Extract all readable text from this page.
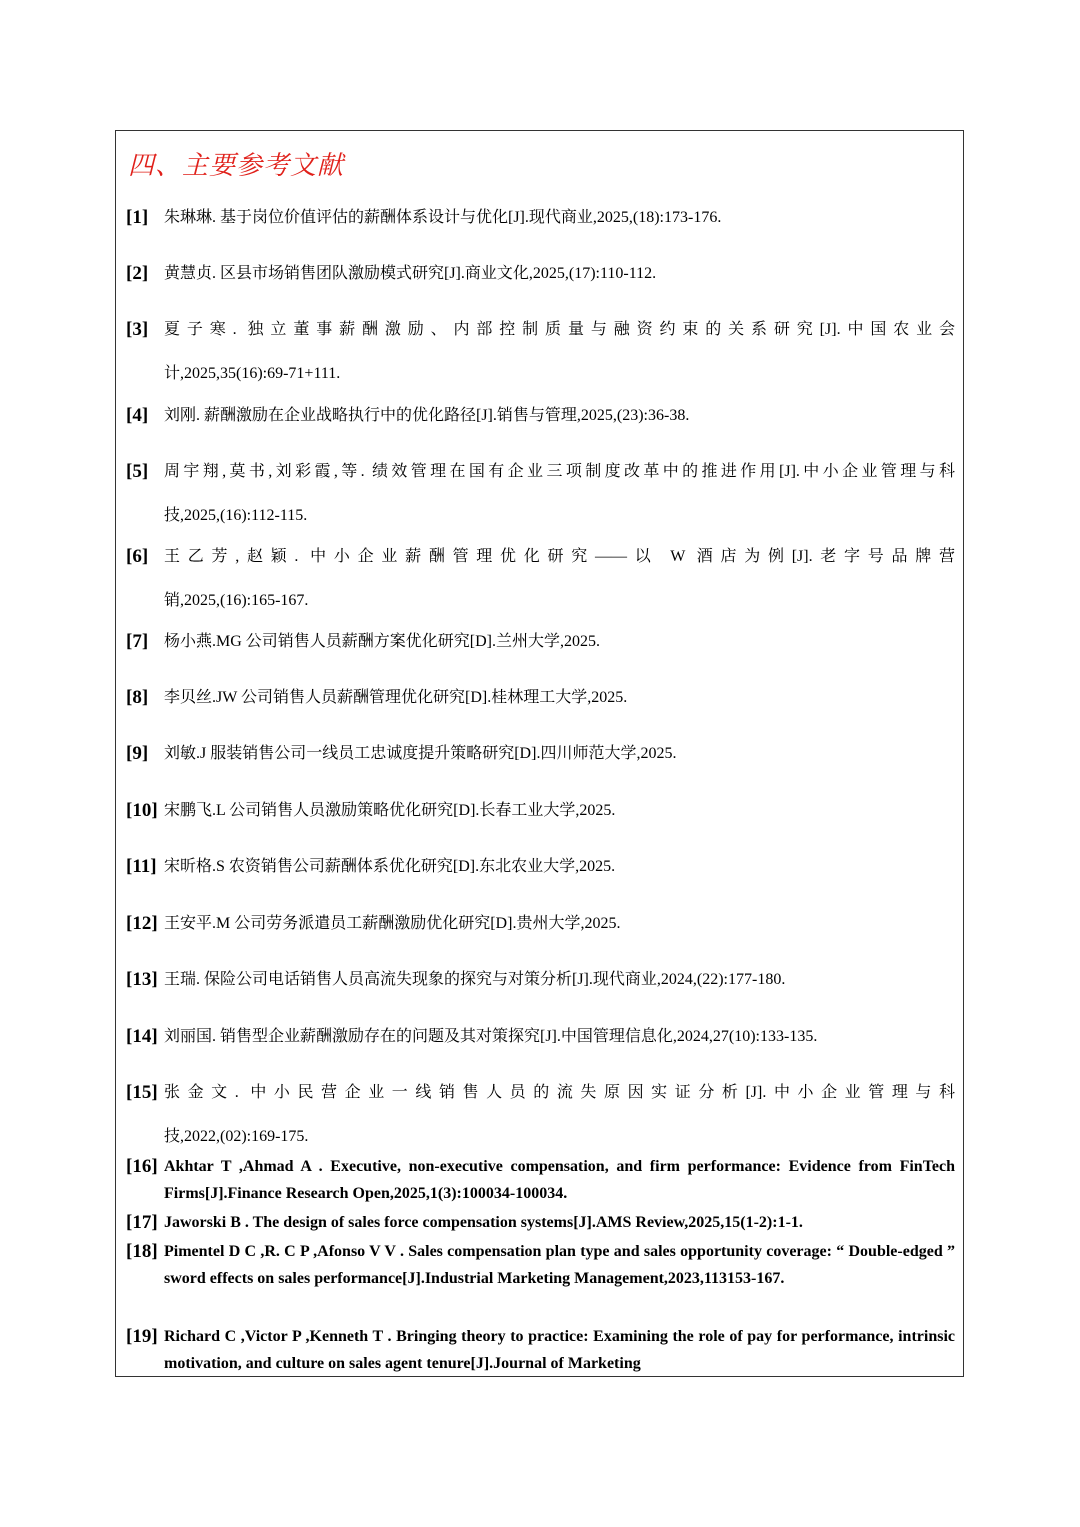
四、主要参考文献
[1] 朱琳琳. 基于岗位价值评估的薪酬体系设计与优化[J].现代商业,2025,(18):173-176.
[2] 黄慧贞. 区县市场销售团队激励模式研究[J].商业文化,2025,(17):110-112.
[3] 夏子寒. 独立董事薪酬激励、内部控制质量与融资约束的关系研究[J].中国农业会
计,2025,35(16):69-71+111.
[4] 刘刚. 薪酬激励在企业战略执行中的优化路径[J].销售与管理,2025,(23):36-38.
[5] 周宇翔,莫书,刘彩霞,等. 绩效管理在国有企业三项制度改革中的推进作用[J].中小企业管理与科
技,2025,(16):112-115.
[6] 王乙芳,赵颖. 中小企业薪酬管理优化研究——以 W 酒店为例[J].老字号品牌营
销,2025,(16):165-167.
[7] 杨小燕.MG 公司销售人员薪酬方案优化研究[D].兰州大学,2025.
[8] 李贝丝.JW 公司销售人员薪酬管理优化研究[D].桂林理工大学,2025.
[9] 刘敏.J 服装销售公司一线员工忠诚度提升策略研究[D].四川师范大学,2025.
[10] 宋鹏飞.L 公司销售人员激励策略优化研究[D].长春工业大学,2025.
[11] 宋昕格.S 农资销售公司薪酬体系优化研究[D].东北农业大学,2025.
[12] 王安平.M 公司劳务派遣员工薪酬激励优化研究[D].贵州大学,2025.
[13] 王瑞. 保险公司电话销售人员高流失现象的探究与对策分析[J].现代商业,2024,(22):177-180.
[14] 刘丽国. 销售型企业薪酬激励存在的问题及其对策探究[J].中国管理信息化,2024,27(10):133-135.
[15] 张金文. 中小民营企业一线销售人员的流失原因实证分析[J].中小企业管理与科
技,2022,(02):169-175.
[16] Akhtar T ,Ahmad A . Executive, non-executive compensation, and firm performance: Evidence from FinTech Firms[J].Finance Research Open,2025,1(3):100034-100034.
[17] Jaworski B . The design of sales force compensation systems[J].AMS Review,2025,15(1-2):1-1.
[18] Pimentel D C ,R. C P ,Afonso V V . Sales compensation plan type and sales opportunity coverage: “ Double-edged ” sword effects on sales performance[J].Industrial Marketing Management,2023,113153-167.
[19] Richard C ,Victor P ,Kenneth T . Bringing theory to practice: Examining the role of pay for performance, intrinsic motivation, and culture on sales agent tenure[J].Journal of Marketing
